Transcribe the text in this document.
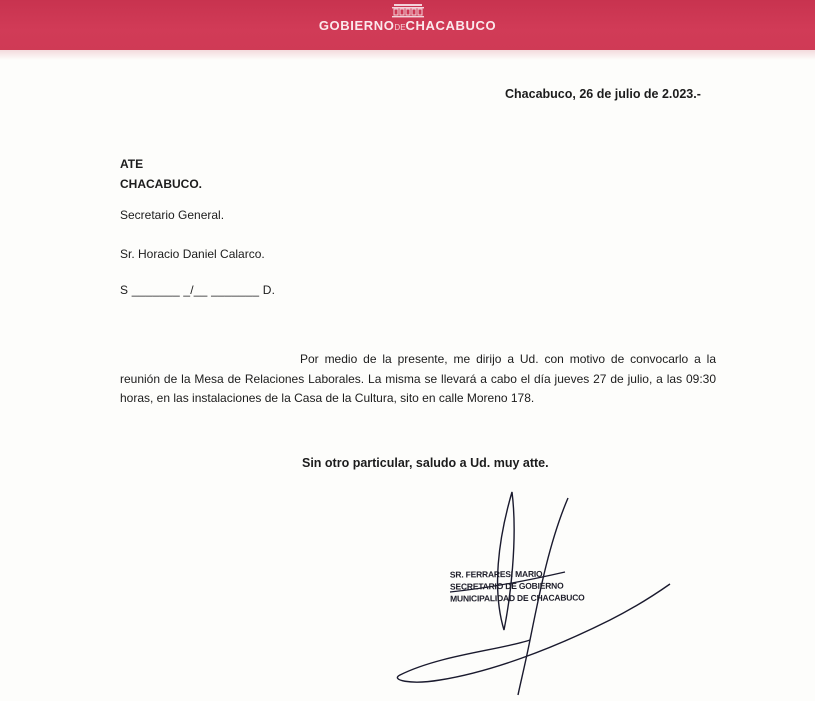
GOBIERNODECHACABUCO
Chacabuco, 26 de julio de 2.023.-
ATE
CHACABUCO.
Secretario General.
Sr. Horacio Daniel Calarco.
S _______ _/__ _______ D.
Por medio de la presente, me dirijo a Ud. con motivo de convocarlo a la reunión de la Mesa de Relaciones Laborales. La misma se llevará a cabo el día jueves 27 de julio, a las 09:30 horas, en las instalaciones de la Casa de la Cultura, sito en calle Moreno 178.
Sin otro particular, saludo a Ud. muy atte.
SR. FERRARESI MARIO
SECRETARIO DE GOBIERNO
MUNICIPALIDAD DE CHACABUCO
